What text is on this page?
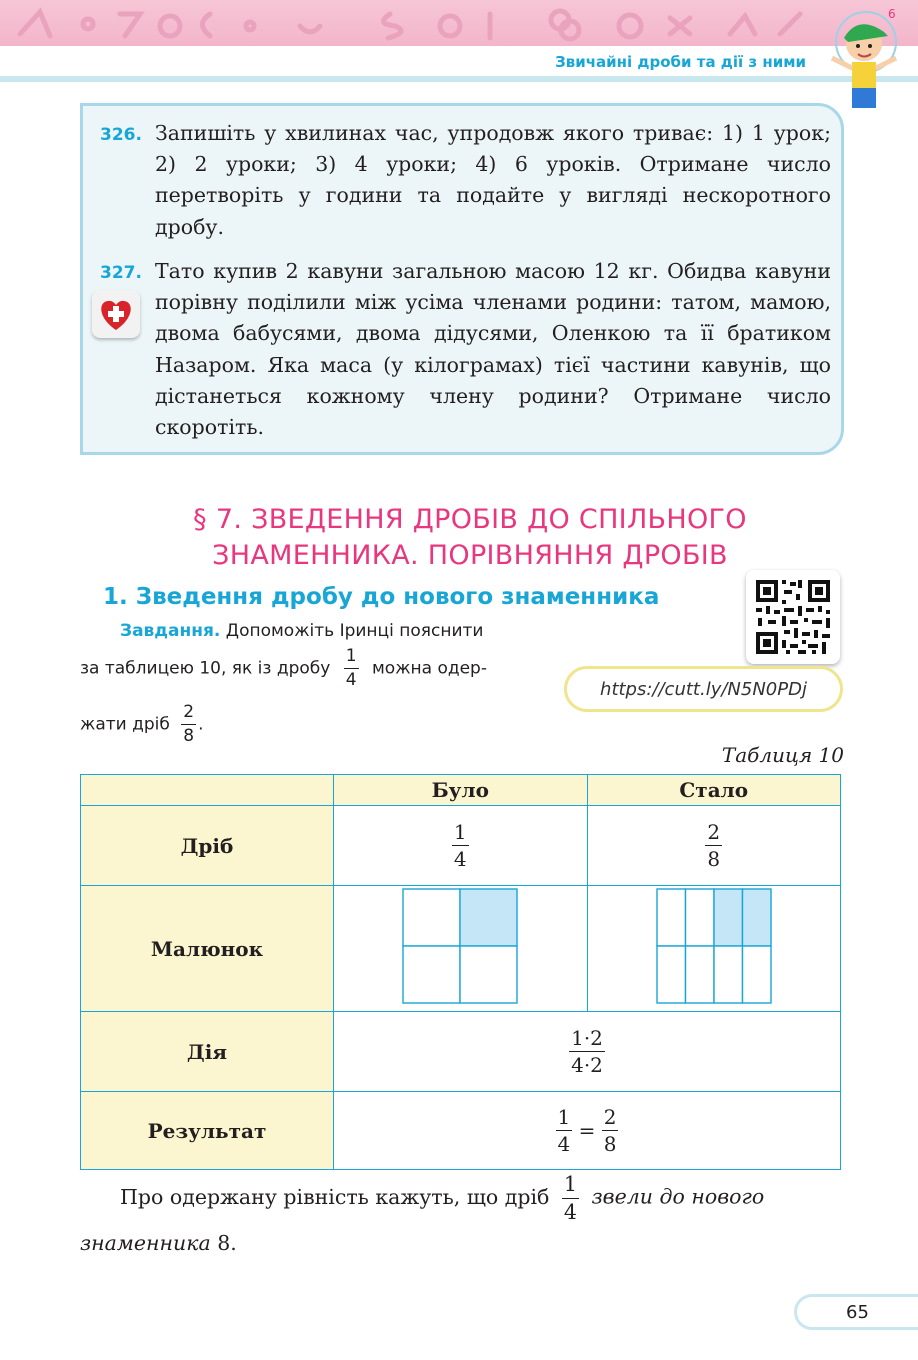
Звичайні дроби та дії з ними
6
326. Запишіть у хвилинах час, упродовж якого триває: 1) 1 урок; 2) 2 уроки; 3) 4 уроки; 4) 6 уроків. Отримане число перетворіть у години та подайте у вигляді нескоротного дробу.
327. Тато купив 2 кавуни загальною масою 12 кг. Обидва кавуни порівну поділили між усіма членами родини: татом, мамою, двома бабусями, двома дідусями, Оленкою та її братиком Назаром. Яка маса (у кілограмах) тієї частини кавунів, що дістанеться кожному члену родини? Отримане число скоротіть.
§ 7. ЗВЕДЕННЯ ДРОБІВ ДО СПІЛЬНОГО
ЗНАМЕННИКА. ПОРІВНЯННЯ ДРОБІВ
1. Зведення дробу до нового знаменника
Завдання. Допоможіть Іринці пояснити
за таблицею 10, як із дробу $\frac{1}{4}$ можна одер-
жати дріб $\frac{2}{8}$ .
https://cutt.ly/N5N0PDj
Таблиця 10
	Було	Стало
Дріб	$\frac{1}{4}$	$\frac{2}{8}$

Малюнок		
Дія	$\frac{1\cdot 2}{4\cdot 2}$

Результат	$\frac{1}{4} = \frac{2}{8}$
Про одержану рівність кажуть, що дріб $\frac{1}{4}$ звели до нового
знаменника 8.
65
